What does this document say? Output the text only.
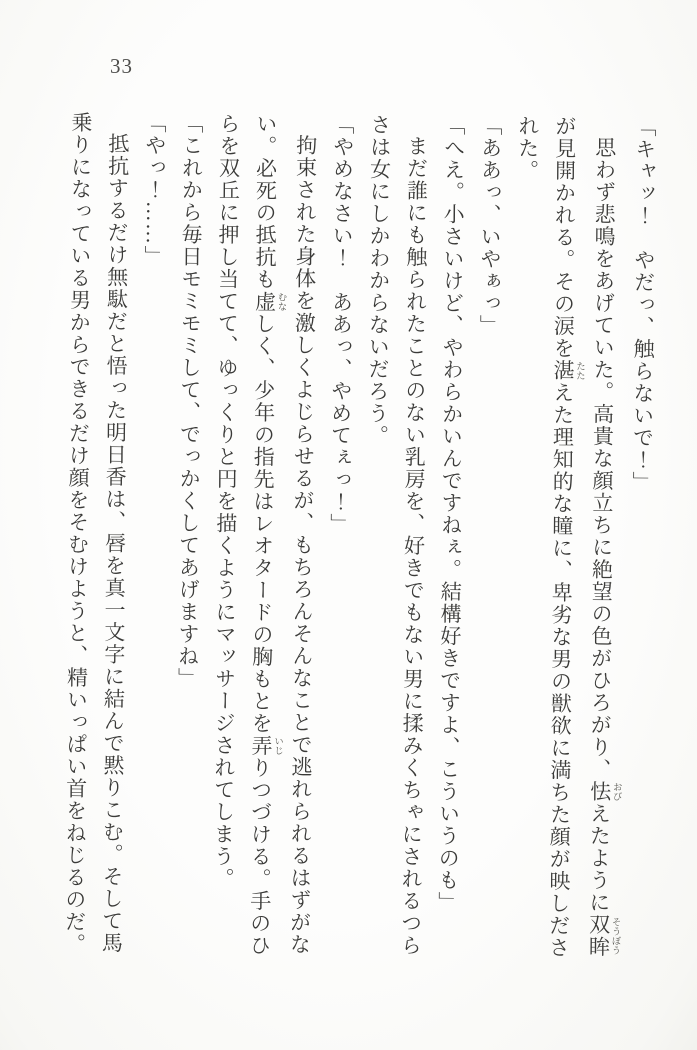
33

「キャッ！　やだっ、触らないで！」

思わず悲鳴をあげていた。高貴な顔立ちに絶望の色がひろがり、怯おびえたように双眸そうぼう

が見開かれる。その涙を湛たたえた理知的な瞳に、卑劣な男の獣欲に満ちた顔が映しださ

れた。

「ああっ、いやぁっ」

「へえ。小さいけど、やわらかいんですねぇ。結構好きですよ、こういうのも」

まだ誰にも触られたことのない乳房を、好きでもない男に揉みくちゃにされるつら

さは女にしかわからないだろう。

「やめなさい！　ああっ、やめてぇっ！」

拘束された身体を激しくよじらせるが、もちろんそんなことで逃れられるはずがな

い。必死の抵抗も虚むなしく、少年の指先はレオタードの胸もとを弄いじりつづける。手のひ

らを双丘に押し当てて、ゆっくりと円を描くようにマッサージされてしまう。

「これから毎日モミモミして、でっかくしてあげますね」

「やっ！……」

抵抗するだけ無駄だと悟った明日香は、唇を真一文字に結んで黙りこむ。そして馬

乗りになっている男からできるだけ顔をそむけようと、精いっぱい首をねじるのだ。
